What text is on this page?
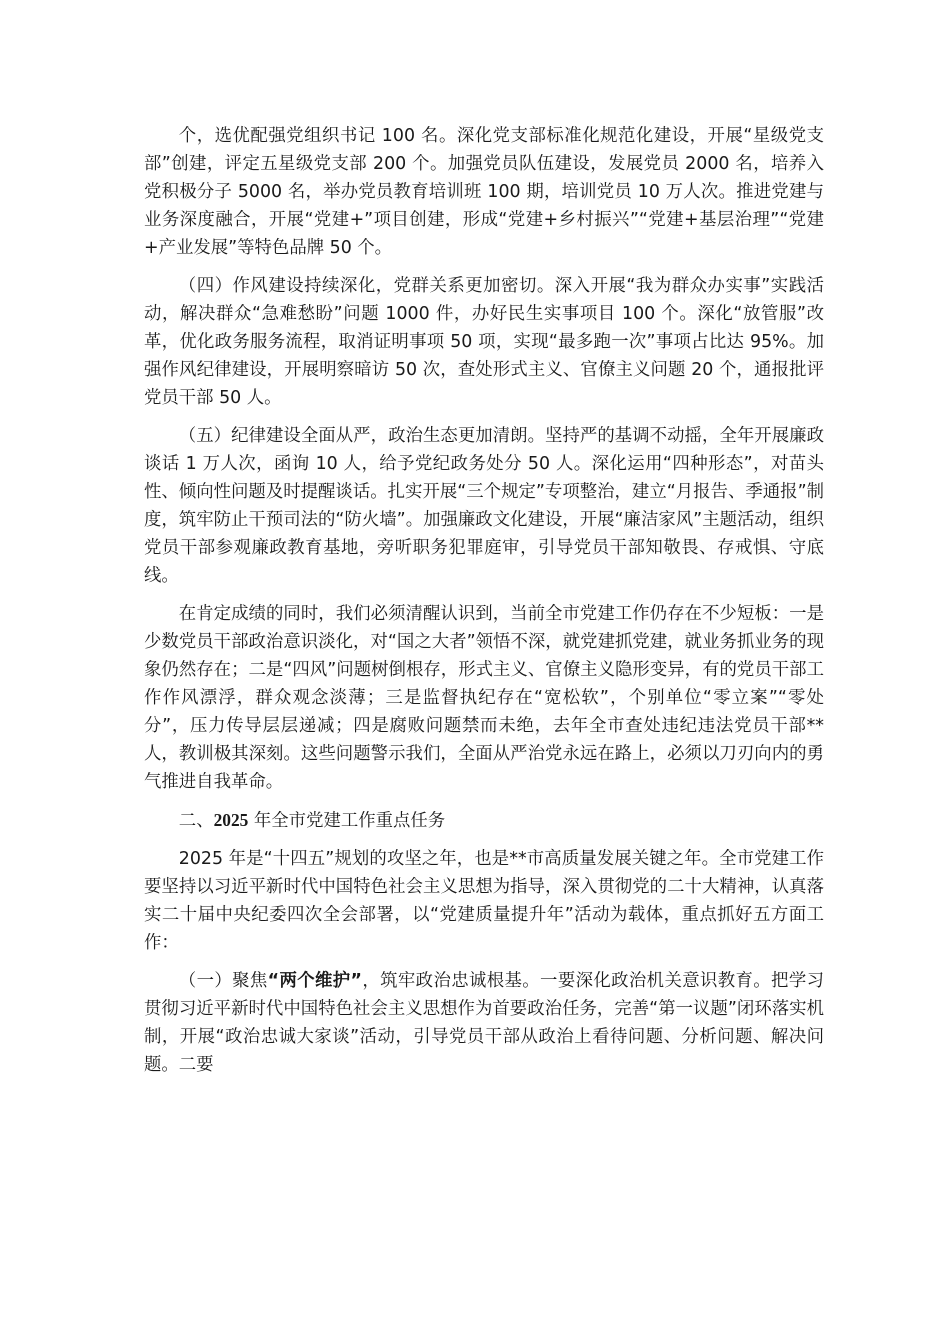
个，选优配强党组织书记 100 名。深化党支部标准化规范化建设，开展“星级党支部”创建，评定五星级党支部 200 个。加强党员队伍建设，发展党员 2000 名，培养入党积极分子 5000 名，举办党员教育培训班 100 期，培训党员 10 万人次。推进党建与业务深度融合，开展“党建+”项目创建，形成“党建+乡村振兴”“党建+基层治理”“党建+产业发展”等特色品牌 50 个。

（四）作风建设持续深化，党群关系更加密切。深入开展“我为群众办实事”实践活动，解决群众“急难愁盼”问题 1000 件，办好民生实事项目 100 个。深化“放管服”改革，优化政务服务流程，取消证明事项 50 项，实现“最多跑一次”事项占比达 95%。加强作风纪律建设，开展明察暗访 50 次，查处形式主义、官僚主义问题 20 个，通报批评党员干部 50 人。

（五）纪律建设全面从严，政治生态更加清朗。坚持严的基调不动摇，全年开展廉政谈话 1 万人次，函询 10 人，给予党纪政务处分 50 人。深化运用“四种形态”，对苗头性、倾向性问题及时提醒谈话。扎实开展“三个规定”专项整治，建立“月报告、季通报”制度，筑牢防止干预司法的“防火墙”。加强廉政文化建设，开展“廉洁家风”主题活动，组织党员干部参观廉政教育基地，旁听职务犯罪庭审，引导党员干部知敬畏、存戒惧、守底线。

在肯定成绩的同时，我们必须清醒认识到，当前全市党建工作仍存在不少短板：一是少数党员干部政治意识淡化，对“国之大者”领悟不深，就党建抓党建，就业务抓业务的现象仍然存在；二是“四风”问题树倒根存，形式主义、官僚主义隐形变异，有的党员干部工作作风漂浮，群众观念淡薄；三是监督执纪存在“宽松软”，个别单位“零立案”“零处分”，压力传导层层递减；四是腐败问题禁而未绝，去年全市查处违纪违法党员干部**人，教训极其深刻。这些问题警示我们，全面从严治党永远在路上，必须以刀刃向内的勇气推进自我革命。

二、2025 年全市党建工作重点任务

2025 年是“十四五”规划的攻坚之年，也是**市高质量发展关键之年。全市党建工作要坚持以习近平新时代中国特色社会主义思想为指导，深入贯彻党的二十大精神，认真落实二十届中央纪委四次全会部署，以“党建质量提升年”活动为载体，重点抓好五方面工作：

（一）聚焦“两个维护”，筑牢政治忠诚根基。一要深化政治机关意识教育。把学习贯彻习近平新时代中国特色社会主义思想作为首要政治任务，完善“第一议题”闭环落实机制，开展“政治忠诚大家谈”活动，引导党员干部从政治上看待问题、分析问题、解决问题。二要
